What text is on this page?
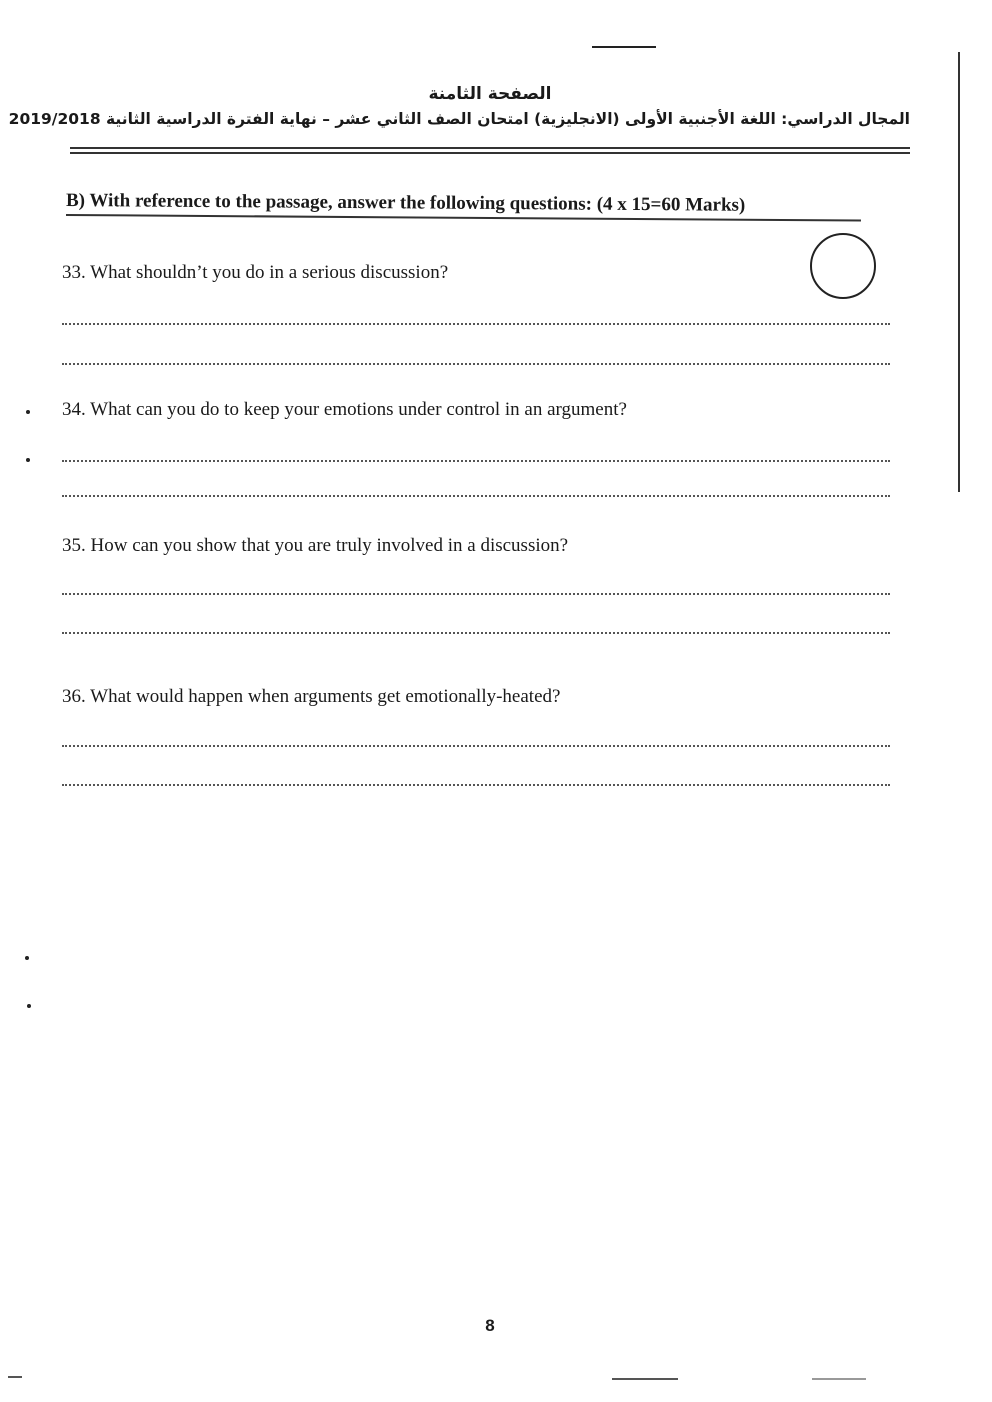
الصفحة الثامنة
المجال الدراسي: اللغة الأجنبية الأولى (الانجليزية) امتحان الصف الثاني عشر – نهاية الفترة الدراسية الثانية 2019/2018
B) With reference to the passage, answer the following questions: (4 x 15=60 Marks)
33. What shouldn’t you do in a serious discussion?
34. What can you do to keep your emotions under control in an argument?
35. How can you show that you are truly involved in a discussion?
36. What would happen when arguments get emotionally-heated?
8
